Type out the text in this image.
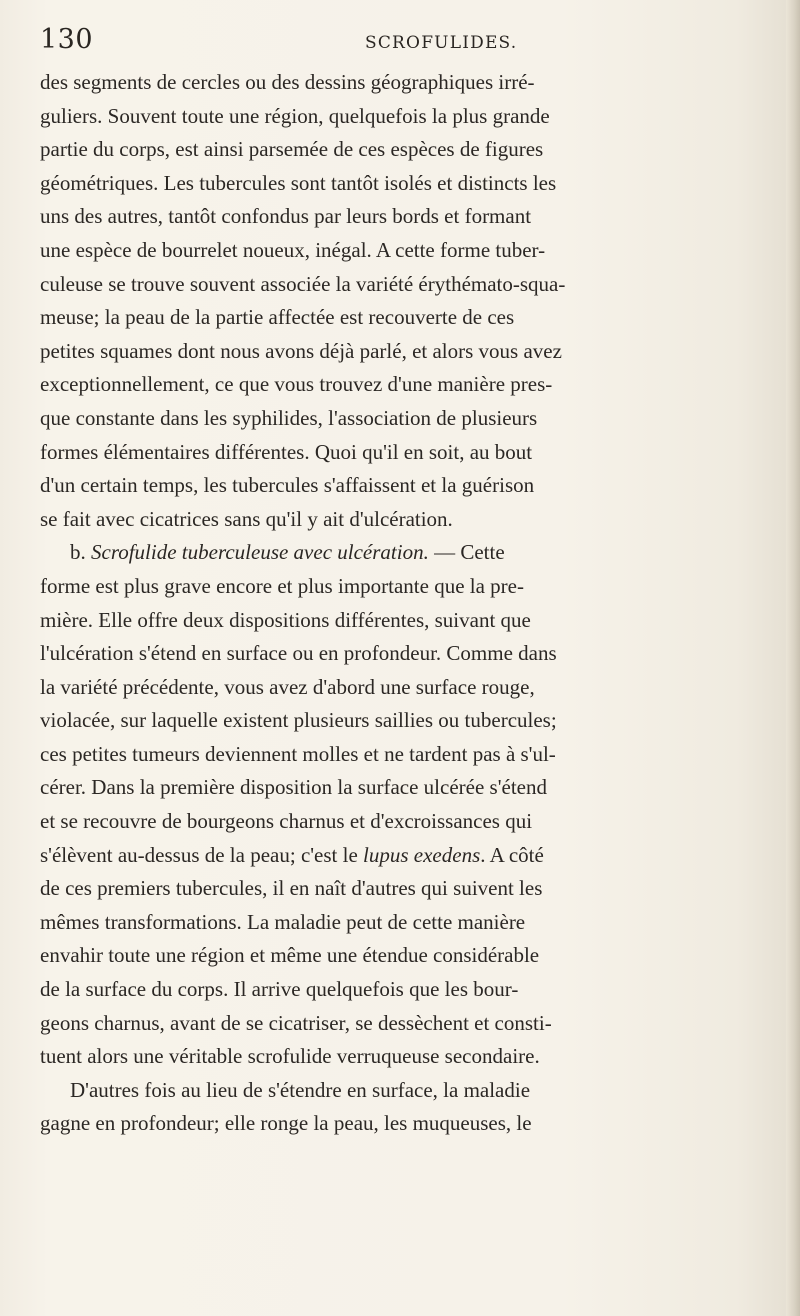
130	SCROFULIDES.
des segments de cercles ou des dessins géographiques irré-
guliers. Souvent toute une région, quelquefois la plus grande
partie du corps, est ainsi parsemée de ces espèces de figures
géométriques. Les tubercules sont tantôt isolés et distincts les
uns des autres, tantôt confondus par leurs bords et formant
une espèce de bourrelet noueux, inégal. A cette forme tuber-
culeuse se trouve souvent associée la variété érythémato-squa-
meuse; la peau de la partie affectée est recouverte de ces
petites squames dont nous avons déjà parlé, et alors vous avez
exceptionnellement, ce que vous trouvez d'une manière pres-
que constante dans les syphilides, l'association de plusieurs
formes élémentaires différentes. Quoi qu'il en soit, au bout
d'un certain temps, les tubercules s'affaissent et la guérison
se fait avec cicatrices sans qu'il y ait d'ulcération.
b. Scrofulide tuberculeuse avec ulcération. — Cette
forme est plus grave encore et plus importante que la pre-
mière. Elle offre deux dispositions différentes, suivant que
l'ulcération s'étend en surface ou en profondeur. Comme dans
la variété précédente, vous avez d'abord une surface rouge,
violacée, sur laquelle existent plusieurs saillies ou tubercules;
ces petites tumeurs deviennent molles et ne tardent pas à s'ul-
cérer. Dans la première disposition la surface ulcérée s'étend
et se recouvre de bourgeons charnus et d'excroissances qui
s'élèvent au-dessus de la peau; c'est le lupus exedens. A côté
de ces premiers tubercules, il en naît d'autres qui suivent les
mêmes transformations. La maladie peut de cette manière
envahir toute une région et même une étendue considérable
de la surface du corps. Il arrive quelquefois que les bour-
geons charnus, avant de se cicatriser, se dessèchent et consti-
tuent alors une véritable scrofulide verruqueuse secondaire.
D'autres fois au lieu de s'étendre en surface, la maladie
gagne en profondeur; elle ronge la peau, les muqueuses, le
